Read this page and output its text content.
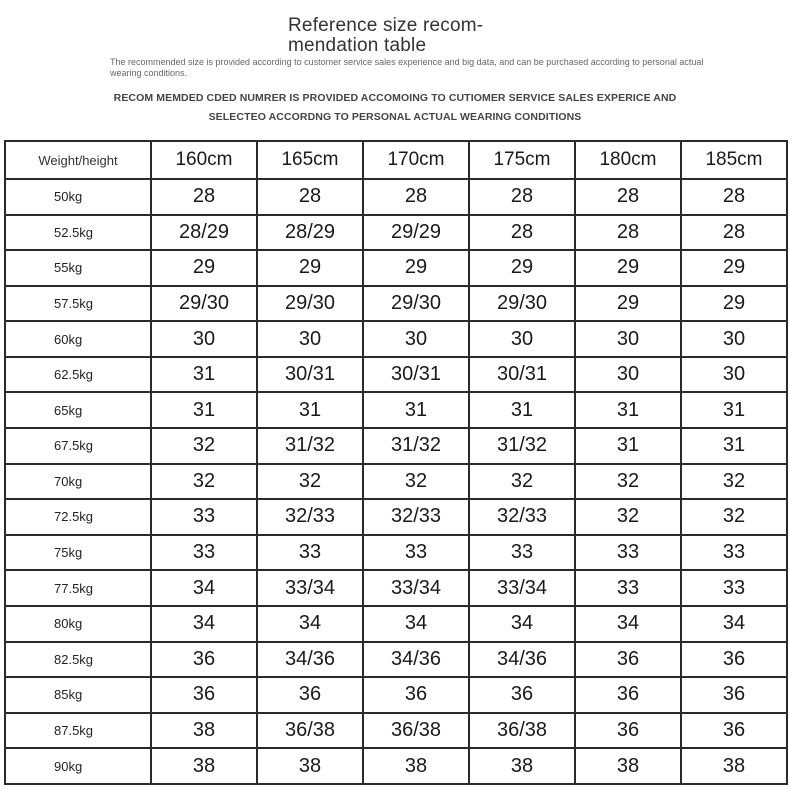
Reference size recom-
mendation table
The recommended size is provided according to customer service sales experience and big data, and can be purchased according to personal actual wearing conditions.
RECOM MEMDED CDED NUMRER IS PROVIDED ACCOMOING TO CUTIOMER SERVICE SALES EXPERICE AND
SELECTEO ACCORDNG TO PERSONAL ACTUAL WEARING CONDITIONS
Weight/height	160cm	165cm	170cm	175cm	180cm	185cm
50kg	28	28	28	28	28	28
52.5kg	28/29	28/29	29/29	28	28	28
55kg	29	29	29	29	29	29
57.5kg	29/30	29/30	29/30	29/30	29	29
60kg	30	30	30	30	30	30
62.5kg	31	30/31	30/31	30/31	30	30
65kg	31	31	31	31	31	31
67.5kg	32	31/32	31/32	31/32	31	31
70kg	32	32	32	32	32	32
72.5kg	33	32/33	32/33	32/33	32	32
75kg	33	33	33	33	33	33
77.5kg	34	33/34	33/34	33/34	33	33
80kg	34	34	34	34	34	34
82.5kg	36	34/36	34/36	34/36	36	36
85kg	36	36	36	36	36	36
87.5kg	38	36/38	36/38	36/38	36	36
90kg	38	38	38	38	38	38
